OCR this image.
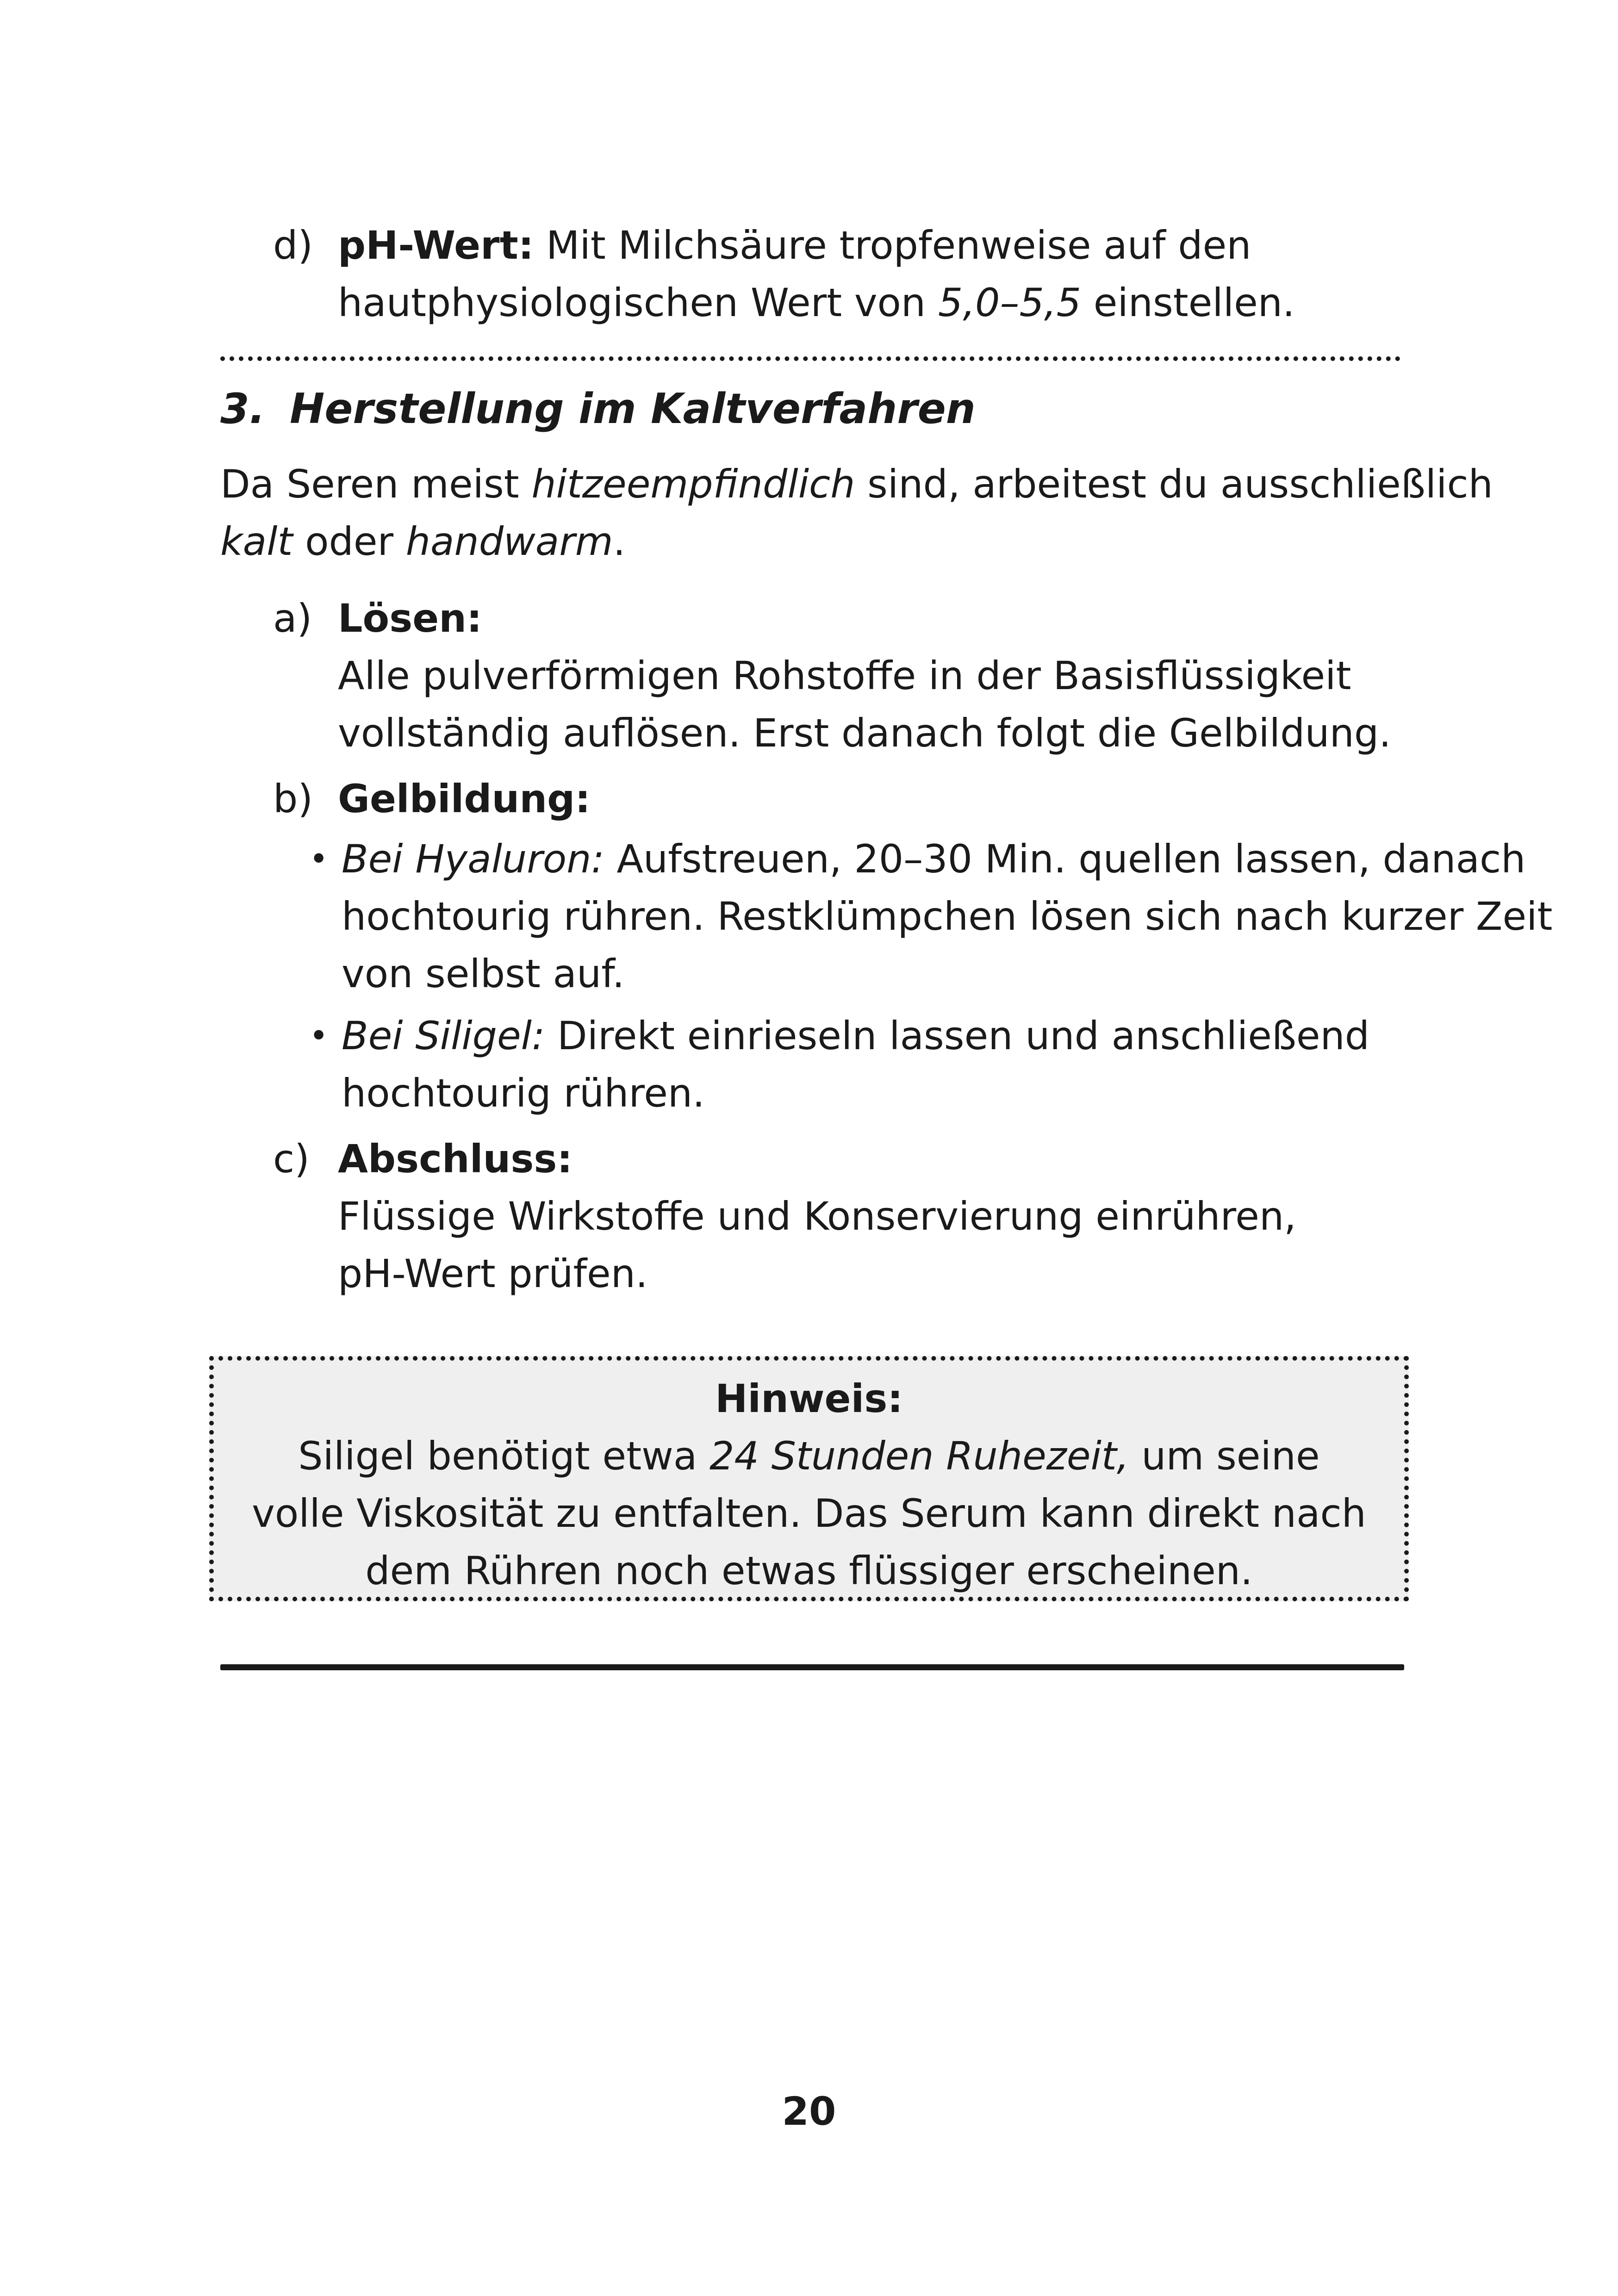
d) pH-Wert: Mit Milchsäure tropfenweise auf den
hautphysiologischen Wert von 5,0–5,5 einstellen.
3. Herstellung im Kaltverfahren
Da Seren meist hitzeempfindlich sind, arbeitest du ausschließlich
kalt oder handwarm.
a) Lösen:
Alle pulverförmigen Rohstoffe in der Basisflüssigkeit
vollständig auflösen. Erst danach folgt die Gelbildung.
b) Gelbildung:
• Bei Hyaluron: Aufstreuen, 20–30 Min. quellen lassen, danach
hochtourig rühren. Restklümpchen lösen sich nach kurzer Zeit
von selbst auf.
• Bei Siligel: Direkt einrieseln lassen und anschließend
hochtourig rühren.
c) Abschluss:
Flüssige Wirkstoffe und Konservierung einrühren,
pH-Wert prüfen.
Hinweis:
Siligel benötigt etwa 24 Stunden Ruhezeit, um seine
volle Viskosität zu entfalten. Das Serum kann direkt nach
dem Rühren noch etwas flüssiger erscheinen.
20
